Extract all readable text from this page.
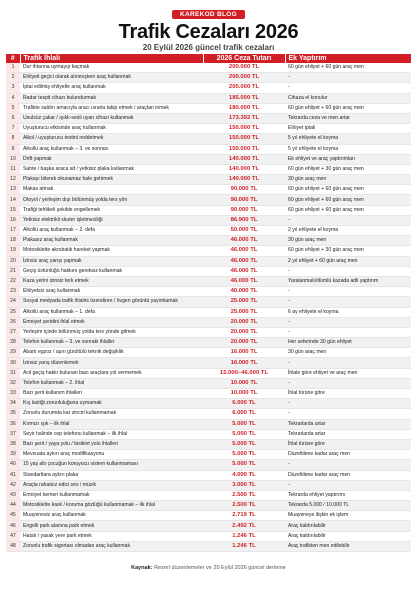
KAREKOD BLOG
Trafik Cezaları 2026
20 Eylül 2026 güncel trafik cezaları
#	Trafik İhlali	2026 Ceza Tutarı	Ek Yaptırım
1	Dur ihtarına uymayıp kaçmak	200.000 TL	60 gün ehliyet + 60 gün araç men
2	Ehliyeti geçici olarak alınmışken araç kullanmak	200.000 TL	-
3	İptal edilmiş ehliyetle araç kullanmak	200.000 TL	-
4	Radar tespit cihazı bulundurmak	185.000 TL	Cihaza el konulur
5	Trafikte saldırı amacıyla aracı ısrarla takip etmek / araçtan inmek	180.000 TL	60 gün ehliyet + 60 gün araç men
6	Usulsüz çakar / ışıklı-sesli uyarı cihazı kullanmak	173.392 TL	Tekrarda ceza ve men artar
7	Uyuşturucu etkisinde araç kullanmak	150.000 TL	Ehliyet iptali
8	Alkol / uyuşturucu testini reddetmek	150.000 TL	5 yıl ehliyete el koyma
9	Alkollü araç kullanmak – 3. ve sonrası	150.000 TL	5 yıl ehliyete el koyma
10	Drift yapmak	140.000 TL	Ek ehliyet ve araç yaptırımları
11	Sahte / başka araca ait / yetkisiz plaka kullanmak	140.000 TL	60 gün ehliyet + 30 gün araç men
12	Plakayı bilerek okunamaz hale getirmek	140.000 TL	30 gün araç men
13	Makas atmak	90.000 TL	60 gün ehliyet + 60 gün araç men
14	Otoyol / yerleşim dışı bölünmüş yolda ters yön	90.000 TL	60 gün ehliyet + 60 gün araç men
15	Trafiği tehlikeli şekilde engellemek	90.000 TL	60 gün ehliyet + 60 gün araç men
16	Yetkisiz elektrikli skuter işletmeciliği	86.900 TL	-
17	Alkollü araç kullanmak – 2. defa	50.000 TL	2 yıl ehliyete el koyma
18	Plakasız araç kullanmak	46.000 TL	30 gün araç men
19	Motosiklette akrobatik hareket yapmak	46.000 TL	60 gün ehliyet + 30 gün araç men
20	İzinsiz araç yarışı yapmak	46.000 TL	2 yıl ehliyet + 60 gün araç men
21	Geçiş üstünlüğü hakkını gereksiz kullanmak	46.000 TL	-
22	Kaza yerini izinsiz terk etmek	46.000 TL	Yaralanmalı/ölümlü kazada adli yaptırım
23	Ehliyetsiz araç kullanmak	40.000 TL	-
24	Sosyal medyada trafik ihlalini özendiren / övgen görüntü yayımlamak	25.000 TL	-
25	Alkollü araç kullanmak – 1. defa	25.000 TL	6 ay ehliyete el koyma
26	Emniyet şeridini ihlal etmek	20.000 TL	-
27	Yerleşim içinde bölünmüş yolda ters yönde gitmek	20.000 TL	-
28	Telefon kullanmak – 3. ve sonraki ihlaller	20.000 TL	Her seferinde 30 gün ehliyet
29	Abartı egzoz / aşırı gürültülü teknik değişiklik	16.000 TL	30 gün araç men
30	İzinsiz yarış düzenlemek	16.000 TL	-
31	Acil geçiş hakkı bulunan bazı araçlara yol vermemek	15.000–46.000 TL	İhlale göre ehliyet ve araç men
32	Telefon kullanmak – 2. ihlal	10.000 TL	-
33	Bazı şerit kullanım ihlalleri	10.000 TL	İhlal türüne göre
34	Kış lastiği zorunluluğuna uymamak	6.000 TL	-
35	Zorunlu durumda kar zinciri kullanmamak	6.000 TL	-
36	Kırmızı ışık – ilk ihlal	5.000 TL	Tekrarlarda artar
37	Seyir halinde cep telefonu kullanmak – ilk ihlal	5.000 TL	Tekrarlarda artar
38	Bazı şerit / yaya yolu / bisiklet yolu ihlalleri	5.000 TL	İhlal türüne göre
39	Mevzuata aykırı araç modifikasyonu	5.000 TL	Düzeltilene kadar araç men
40	15 yaş altı çocuğun koruyucu sistem kullanmaması	5.000 TL	-
41	Standartlara aykırı plaka	4.000 TL	Düzeltilene kadar araç men
42	Araçta rahatsız edici ses / müzik	3.000 TL	-
43	Emniyet kemeri kullanmamak	2.500 TL	Tekrarda ehliyet yaptırımı
44	Motosiklette kask / koruma gözlüğü kullanmamak – ilk ihlal	2.500 TL	Tekrarda 5.000 / 10.000 TL
45	Muayenesiz araç kullanmak	2.719 TL	Muayeneye ilişkin ek işlem
46	Engelli park alanına park etmek	2.492 TL	Araç kaldırılabilir
47	Hatalı / yasak yere park etmek	1.246 TL	Araç kaldırılabilir
48	Zorunlu trafik sigortası olmadan araç kullanmak	1.246 TL	Araç trafikten men edilebilir
Kaynak: Resmî düzenlemeler ve 20 Eylül 2026 güncel derleme
